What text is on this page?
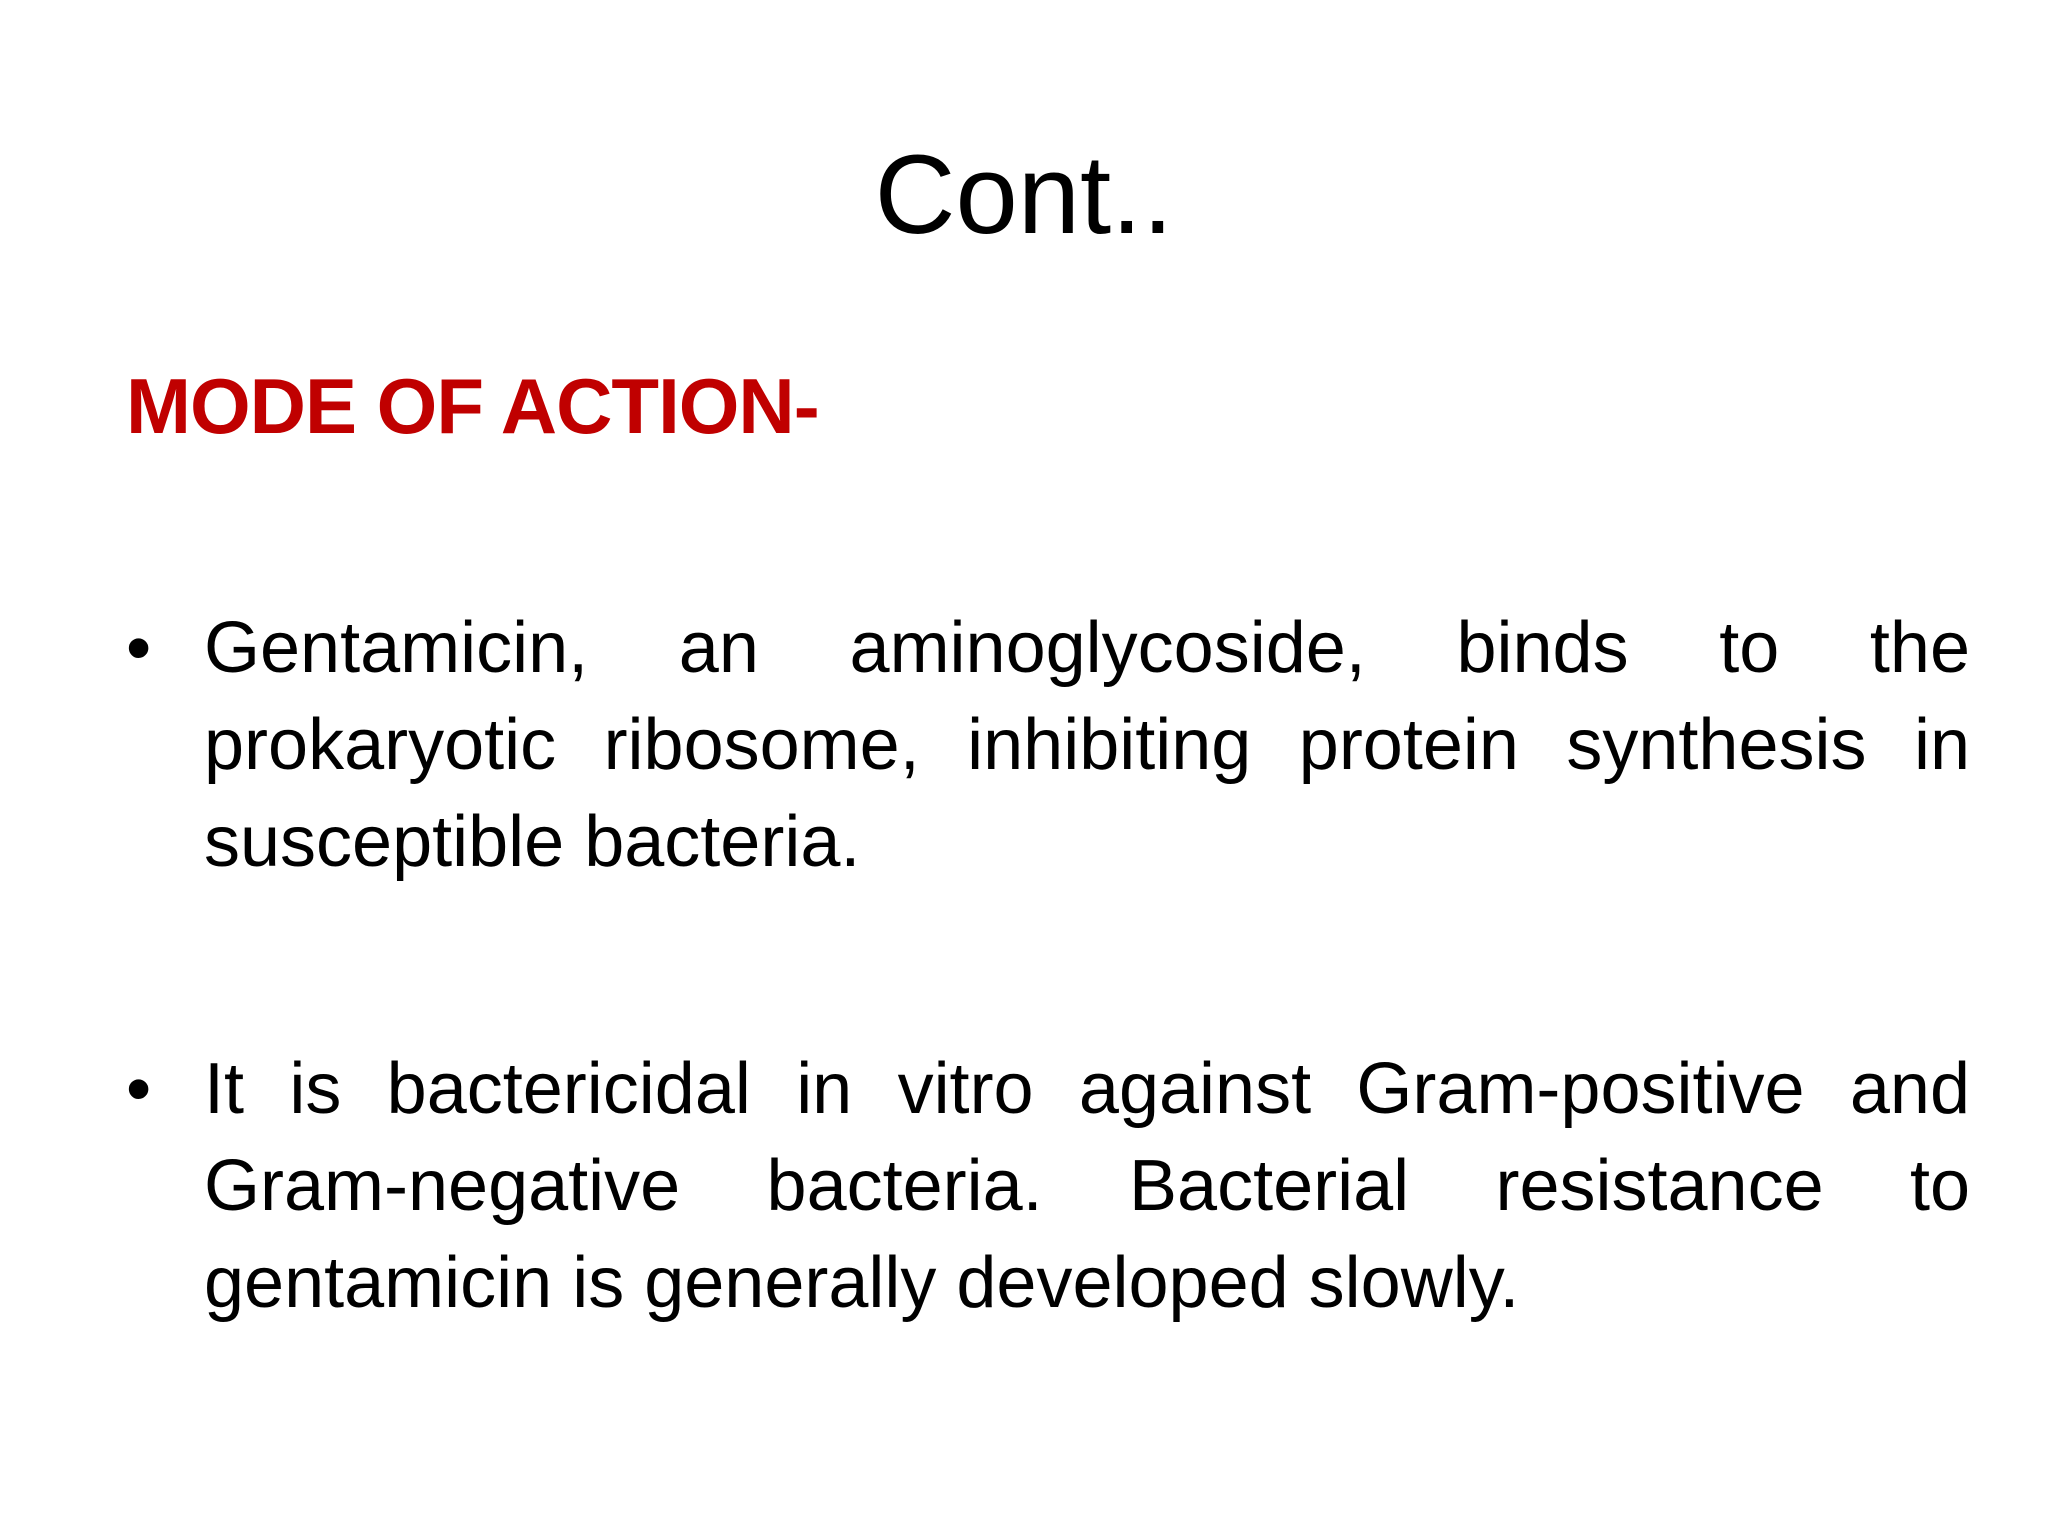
Cont..
MODE OF ACTION-
• Gentamicin, an aminoglycoside, binds to the prokaryotic ribosome, inhibiting protein synthesis in susceptible bacteria.
• It is bactericidal in vitro against Gram-positive and Gram-negative bacteria. Bacterial resistance to gentamicin is generally developed slowly.
